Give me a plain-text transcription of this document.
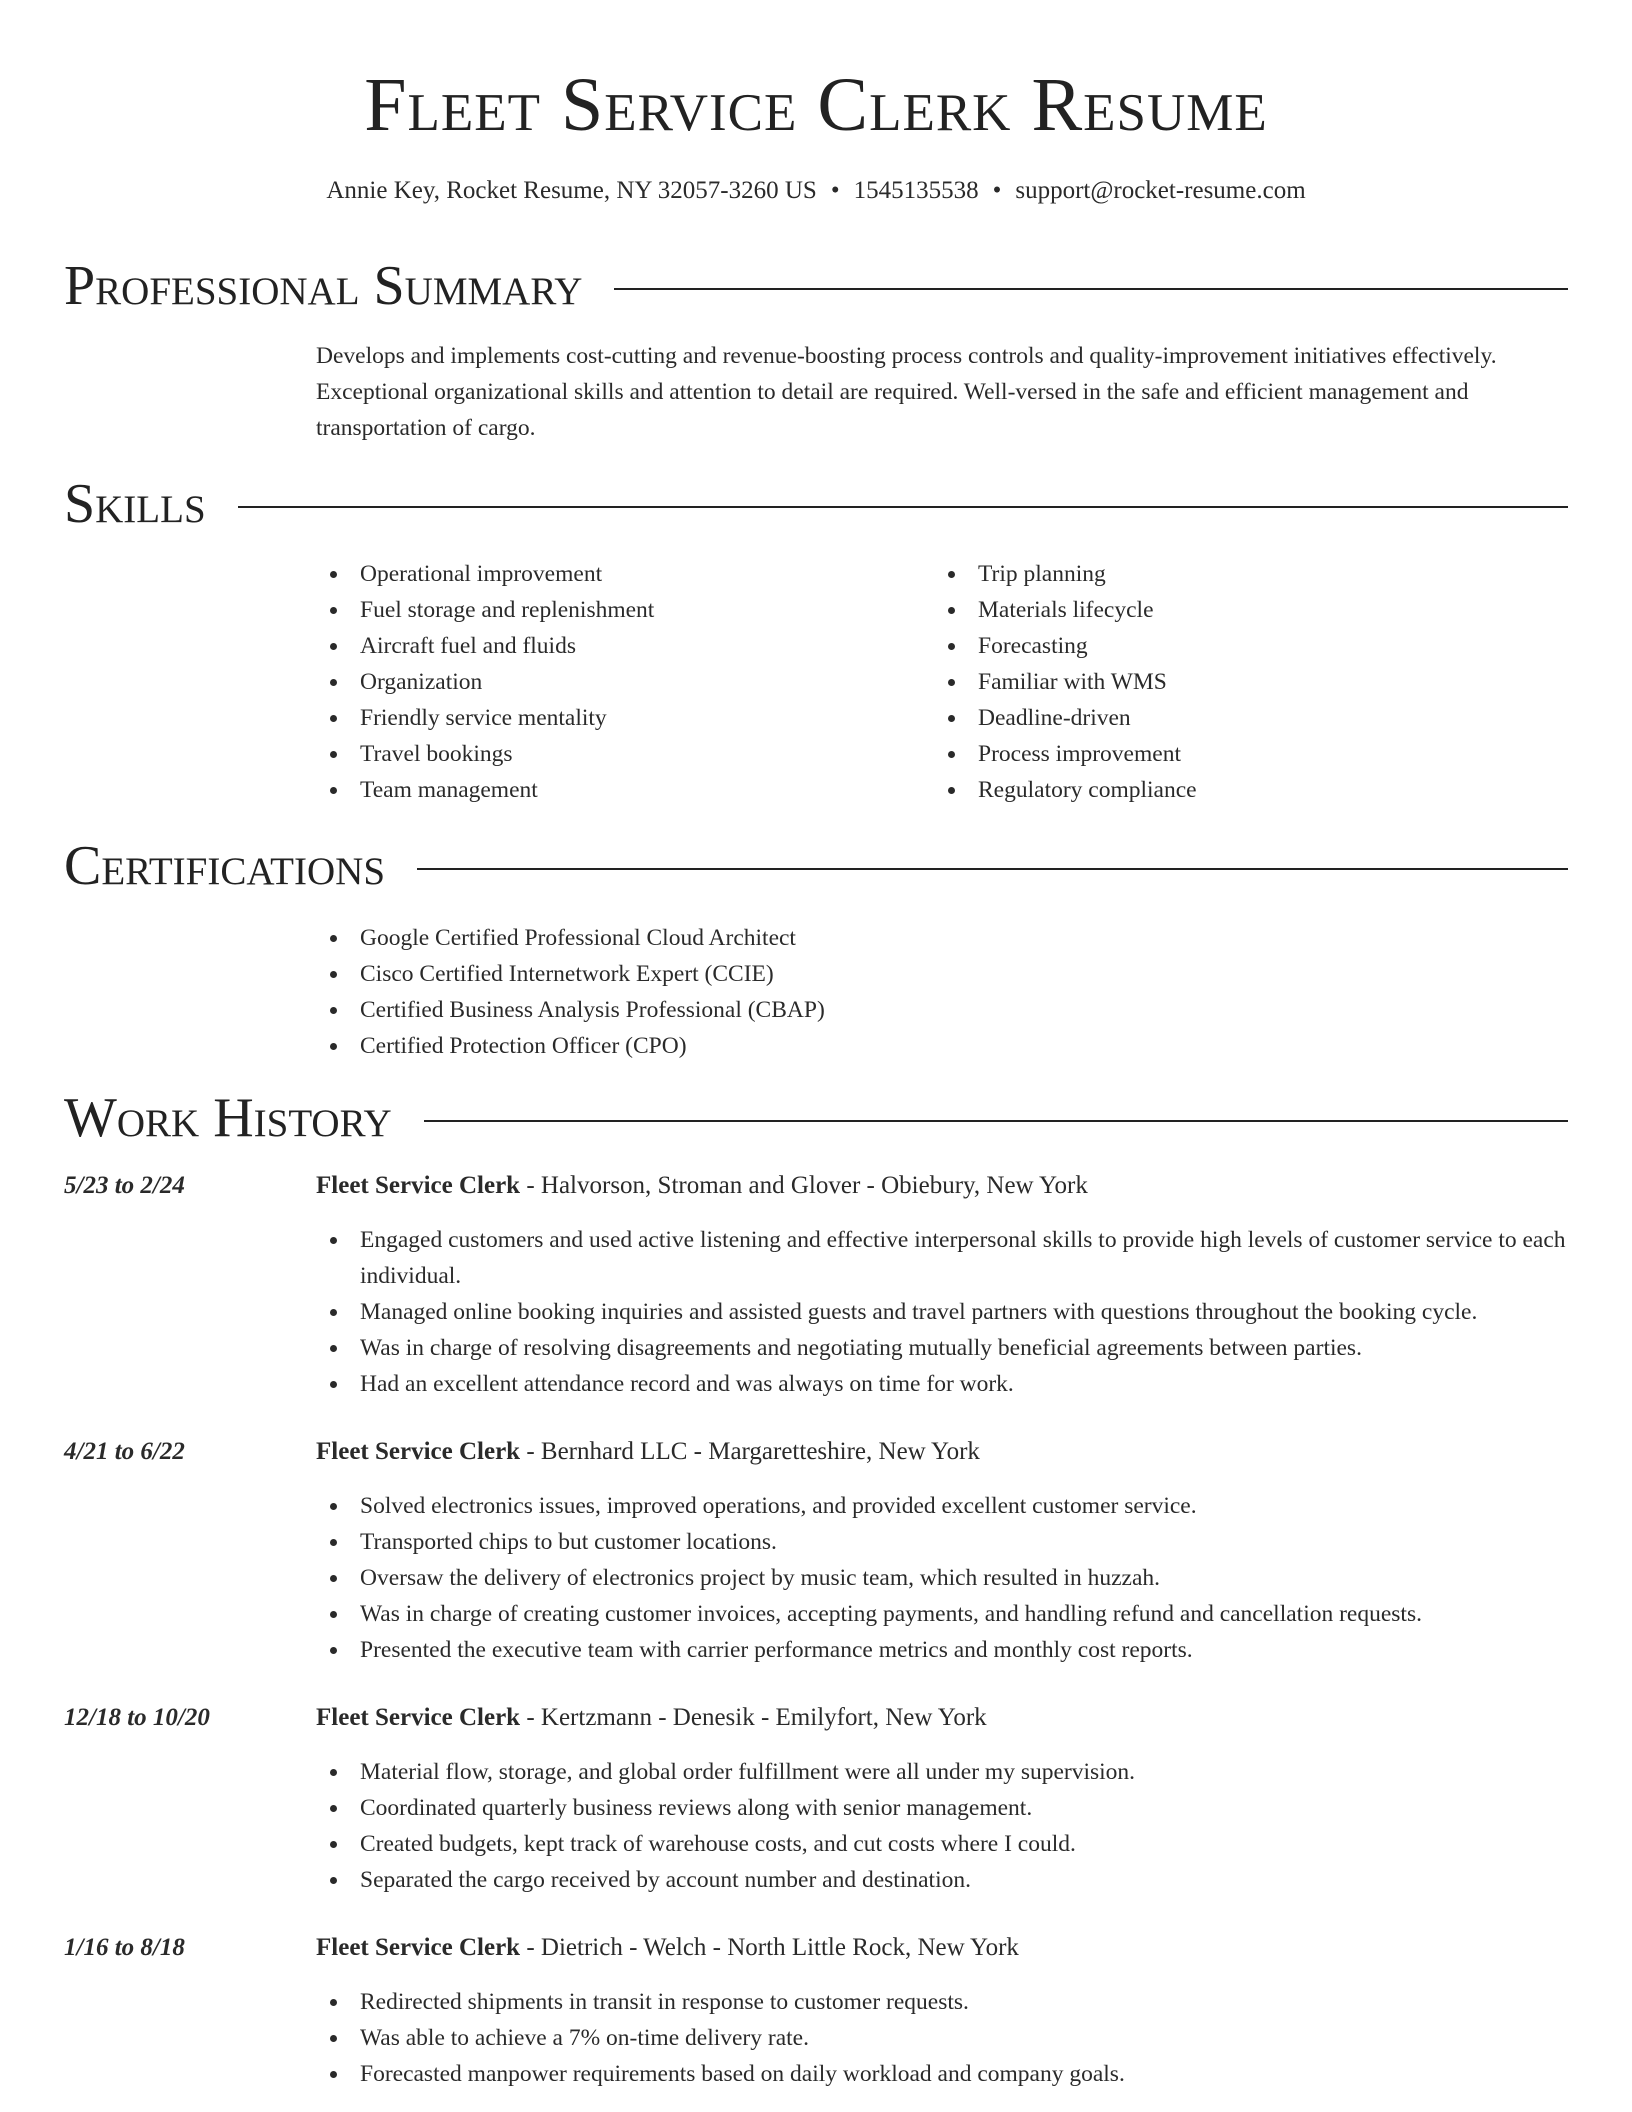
Fleet Service Clerk Resume
Annie Key, Rocket Resume, NY 32057-3260 US • 1545135538 • support@rocket-resume.com
Professional Summary

Develops and implements cost-cutting and revenue-boosting process controls and quality-improvement initiatives effectively. Exceptional organizational skills and attention to detail are required. Well-versed in the safe and efficient management and transportation of cargo.

Skills
Operational improvement
Fuel storage and replenishment
Aircraft fuel and fluids
Organization
Friendly service mentality
Travel bookings
Team management
Trip planning
Materials lifecycle
Forecasting
Familiar with WMS
Deadline-driven
Process improvement
Regulatory compliance
Certifications
Google Certified Professional Cloud Architect
Cisco Certified Internetwork Expert (CCIE)
Certified Business Analysis Professional (CBAP)
Certified Protection Officer (CPO)
Work History
5/23 to 2/24	Fleet Service Clerk - Halvorson, Stroman and Glover - Obiebury, New York
Engaged customers and used active listening and effective interpersonal skills to provide high levels of customer service to each individual.
Managed online booking inquiries and assisted guests and travel partners with questions throughout the booking cycle.
Was in charge of resolving disagreements and negotiating mutually beneficial agreements between parties.
Had an excellent attendance record and was always on time for work.
4/21 to 6/22	Fleet Service Clerk - Bernhard LLC - Margaretteshire, New York
Solved electronics issues, improved operations, and provided excellent customer service.
Transported chips to but customer locations.
Oversaw the delivery of electronics project by music team, which resulted in huzzah.
Was in charge of creating customer invoices, accepting payments, and handling refund and cancellation requests.
Presented the executive team with carrier performance metrics and monthly cost reports.
12/18 to 10/20	Fleet Service Clerk - Kertzmann - Denesik - Emilyfort, New York
Material flow, storage, and global order fulfillment were all under my supervision.
Coordinated quarterly business reviews along with senior management.
Created budgets, kept track of warehouse costs, and cut costs where I could.
Separated the cargo received by account number and destination.
1/16 to 8/18	Fleet Service Clerk - Dietrich - Welch - North Little Rock, New York
Redirected shipments in transit in response to customer requests.
Was able to achieve a 7% on-time delivery rate.
Forecasted manpower requirements based on daily workload and company goals.
